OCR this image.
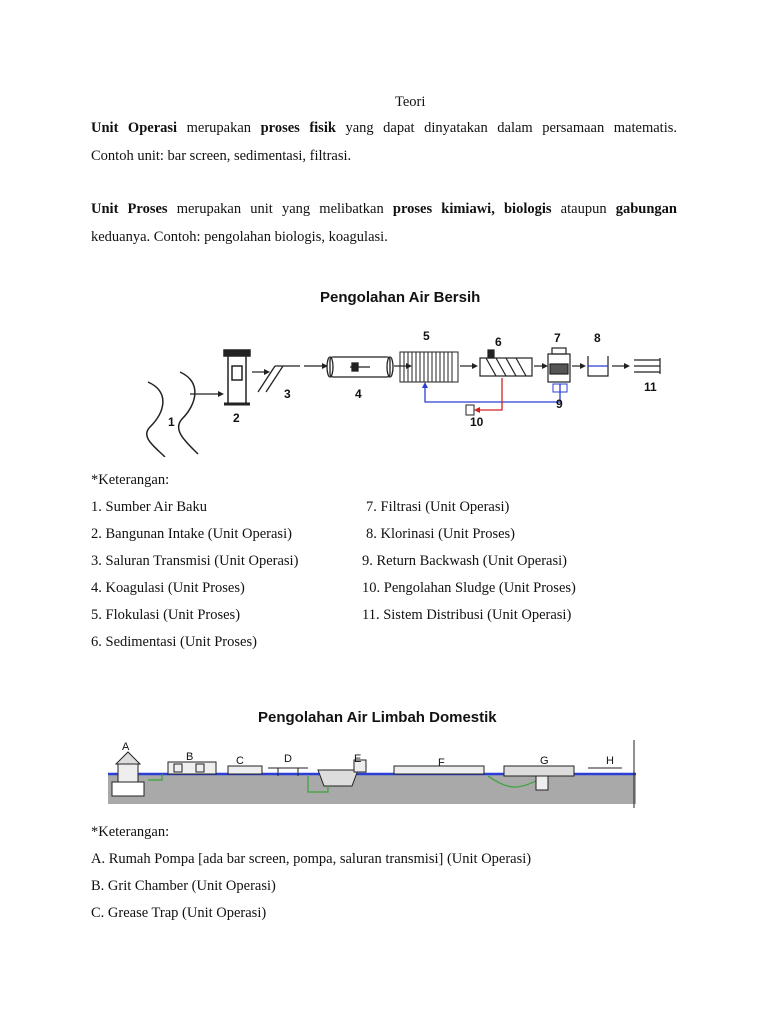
Teori
Unit Operasi merupakan proses fisik yang dapat dinyatakan dalam persamaan matematis.
Contoh unit: bar screen, sedimentasi, filtrasi.
Unit Proses merupakan unit yang melibatkan proses kimiawi, biologis ataupun gabungan
keduanya. Contoh: pengolahan biologis, koagulasi.
Pengolahan Air Bersih
1	2
3	4
5	6	7	8
9
10
11
*Keterangan:
1. Sumber Air Baku
2. Bangunan Intake (Unit Operasi)
3. Saluran Transmisi (Unit Operasi)
4. Koagulasi (Unit Proses)
5. Flokulasi (Unit Proses)
6. Sedimentasi (Unit Proses)
7. Filtrasi (Unit Operasi)
8. Klorinasi (Unit Proses)
9. Return Backwash (Unit Operasi)
10. Pengolahan Sludge (Unit Proses)
11. Sistem Distribusi (Unit Operasi)
Pengolahan Air Limbah Domestik
A
B	C	D	E	F	G	H
*Keterangan:
A. Rumah Pompa [ada bar screen, pompa, saluran transmisi] (Unit Operasi)
B. Grit Chamber (Unit Operasi)
C. Grease Trap (Unit Operasi)
